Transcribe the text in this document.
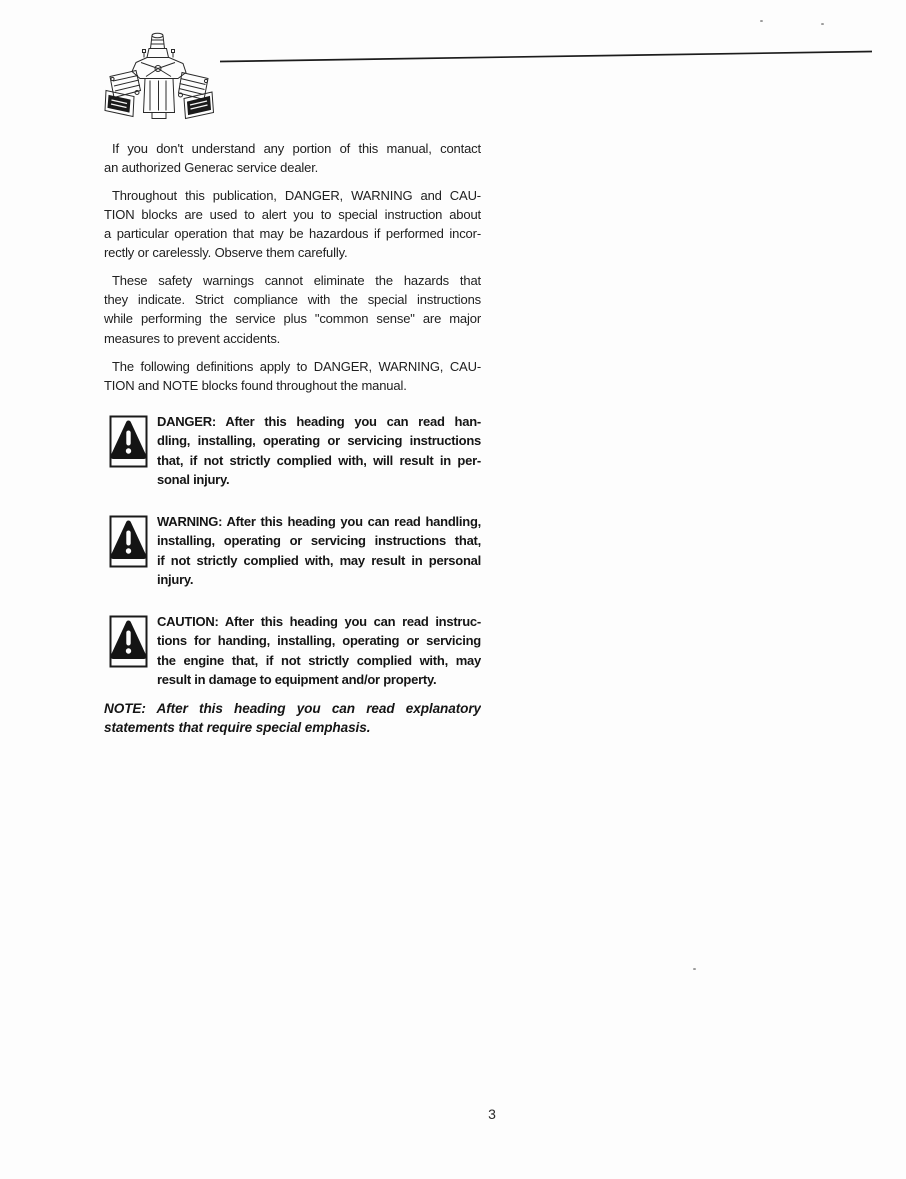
If you don't understand any portion of this manual, contact
an authorized Generac service dealer.
Throughout this publication, DANGER, WARNING and CAU-
TION blocks are used to alert you to special instruction about
a particular operation that may be hazardous if performed incor-
rectly or carelessly. Observe them carefully.
These safety warnings cannot eliminate the hazards that
they indicate. Strict compliance with the special instructions
while performing the service plus "common sense" are major
measures to prevent accidents.
The following definitions apply to DANGER, WARNING, CAU-
TION and NOTE blocks found throughout the manual.
DANGER: After this heading you can read han-
dling, installing, operating or servicing instructions
that, if not strictly complied with, will result in per-
sonal injury.
WARNING: After this heading you can read handling,
installing, operating or servicing instructions that,
if not strictly complied with, may result in personal
injury.
CAUTION: After this heading you can read instruc-
tions for handing, installing, operating or servicing
the engine that, if not strictly complied with, may
result in damage to equipment and/or property.
NOTE: After this heading you can read explanatory
statements that require special emphasis.
3
